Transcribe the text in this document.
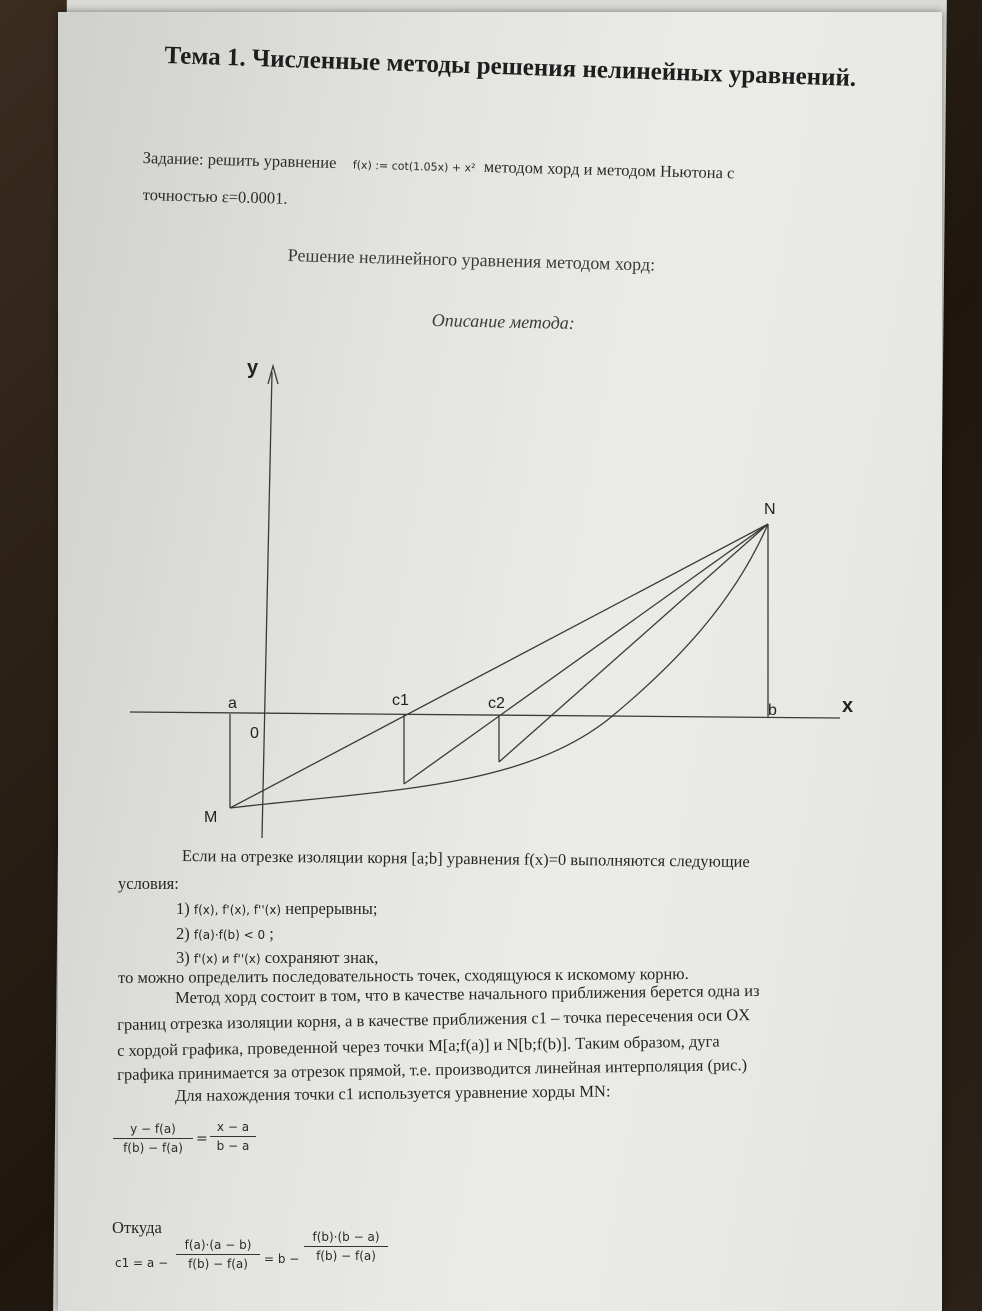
Тема 1. Численные методы решения нелинейных уравнений.
Задание: решить уравнение f(x) := cot(1.05x) + x² методом хорд и методом Ньютона с
точностью ε=0.0001.
Решение нелинейного уравнения методом хорд:
Описание метода:
y
x
0
a	b
c1	c2
M
N
Если на отрезке изоляции корня [a;b] уравнения f(x)=0 выполняются следующие
условия:
1) f(x), f'(x), f''(x) непрерывны;
2) f(a)·f(b) < 0 ;
3) f'(x) и f''(x) сохраняют знак,
то можно определить последовательность точек, сходящуюся к искомому корню.
Метод хорд состоит в том, что в качестве начального приближения берется одна из
границ отрезка изоляции корня, а в качестве приближения c1 – точка пересечения оси OX
с хордой графика, проведенной через точки M[a;f(a)] и N[b;f(b)]. Таким образом, дуга
графика принимается за отрезок прямой, т.е. производится линейная интерполяция (рис.)
Для нахождения точки c1 используется уравнение хорды MN:
$\frac{y - f(a)}{f(b) - f(a)} = \frac{x - a}{b - a}$
Откуда
$c1 = a - \frac{f(a)\cdot(a - b)}{f(b) - f(a)} = b - \frac{f(b)\cdot(b - a)}{f(b) - f(a)}$
